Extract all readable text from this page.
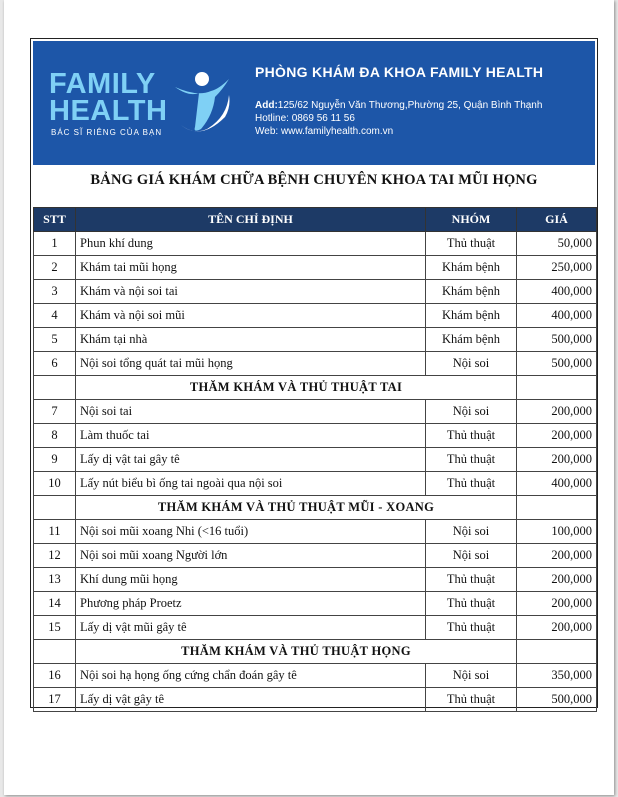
FAMILY
HEALTH
BÁC SĨ RIÊNG CỦA BẠN
PHÒNG KHÁM ĐA KHOA FAMILY HEALTH
Add:125/62 Nguyễn Văn Thương,Phường 25, Quận Bình Thạnh
Hotline: 0869 56 11 56
Web: www.familyhealth.com.vn
BẢNG GIÁ KHÁM CHỮA BỆNH CHUYÊN KHOA TAI MŨI HỌNG
STT	TÊN CHỈ ĐỊNH	NHÓM	GIÁ
1	Phun khí dung	Thủ thuật	50,000
2	Khám tai mũi họng	Khám bệnh	250,000
3	Khám và nội soi tai	Khám bệnh	400,000
4	Khám và nội soi mũi	Khám bệnh	400,000
5	Khám tại nhà	Khám bệnh	500,000
6	Nội soi tổng quát tai mũi họng	Nội soi	500,000
	THĂM KHÁM VÀ THỦ THUẬT TAI		
7	Nội soi tai	Nội soi	200,000
8	Làm thuốc tai	Thủ thuật	200,000
9	Lấy dị vật tai gây tê	Thủ thuật	200,000
10	Lấy nút biểu bì ống tai ngoài qua nội soi	Thủ thuật	400,000
	THĂM KHÁM VÀ THỦ THUẬT MŨI - XOANG		
11	Nội soi mũi xoang Nhi (<16 tuổi)	Nội soi	100,000
12	Nội soi mũi xoang Người lớn	Nội soi	200,000
13	Khí dung mũi họng	Thủ thuật	200,000
14	Phương pháp Proetz	Thủ thuật	200,000
15	Lấy dị vật mũi gây tê	Thủ thuật	200,000
	THĂM KHÁM VÀ THỦ THUẬT HỌNG		
16	Nội soi hạ họng ống cứng chẩn đoán gây tê	Nội soi	350,000
17	Lấy dị vật gây tê	Thủ thuật	500,000
